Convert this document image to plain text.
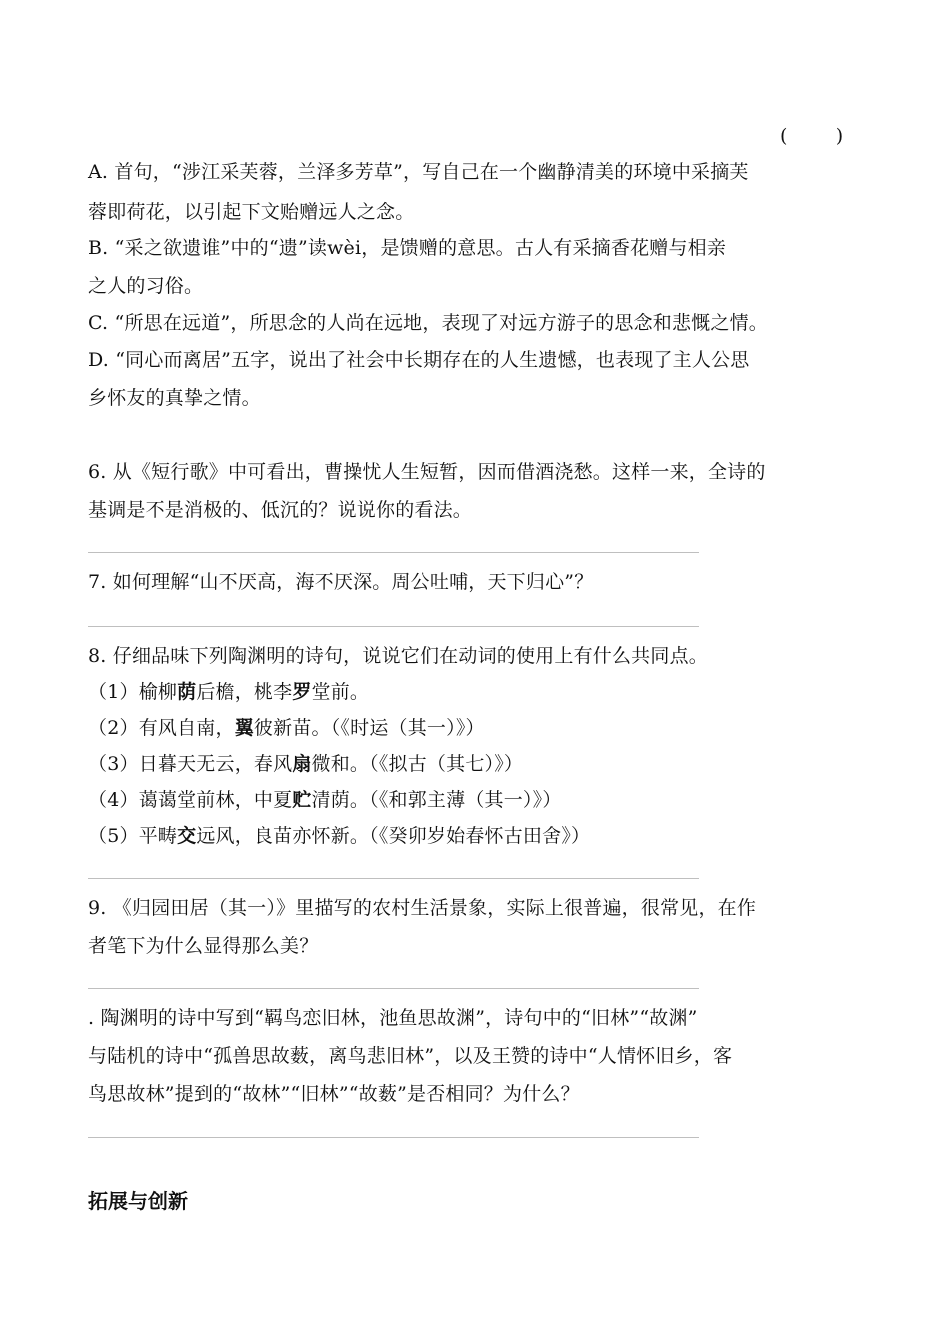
(        )
A. 首句，“涉江采芙蓉，兰泽多芳草”，写自己在一个幽静清美的环境中采摘芙
蓉即荷花，以引起下文贻赠远人之念。
B. “采之欲遗谁”中的“遗”读wèi，是馈赠的意思。古人有采摘香花赠与相亲
之人的习俗。
C. “所思在远道”，所思念的人尚在远地，表现了对远方游子的思念和悲慨之情。
D. “同心而离居”五字，说出了社会中长期存在的人生遗憾，也表现了主人公思
乡怀友的真挚之情。
6. 从《短行歌》中可看出，曹操忧人生短暂，因而借酒浇愁。这样一来，全诗的
基调是不是消极的、低沉的？说说你的看法。
7. 如何理解“山不厌高，海不厌深。周公吐哺，天下归心”？
8. 仔细品味下列陶渊明的诗句，说说它们在动词的使用上有什么共同点。
（1）榆柳荫后檐，桃李罗堂前。
（2）有风自南，翼彼新苗。（《时运（其一）》）
（3）日暮天无云，春风扇微和。（《拟古（其七）》）
（4）蔼蔼堂前林，中夏贮清荫。（《和郭主薄（其一）》）
（5）平畴交远风，良苗亦怀新。（《癸卯岁始春怀古田舍》）
9. 《归园田居（其一）》里描写的农村生活景象，实际上很普遍，很常见，在作
者笔下为什么显得那么美？
. 陶渊明的诗中写到“羁鸟恋旧林，池鱼思故渊”，诗句中的“旧林”“故渊”
与陆机的诗中“孤兽思故薮，离鸟悲旧林”，以及王赞的诗中“人情怀旧乡，客
鸟思故林”提到的“故林”“旧林”“故薮”是否相同？为什么？
拓展与创新
